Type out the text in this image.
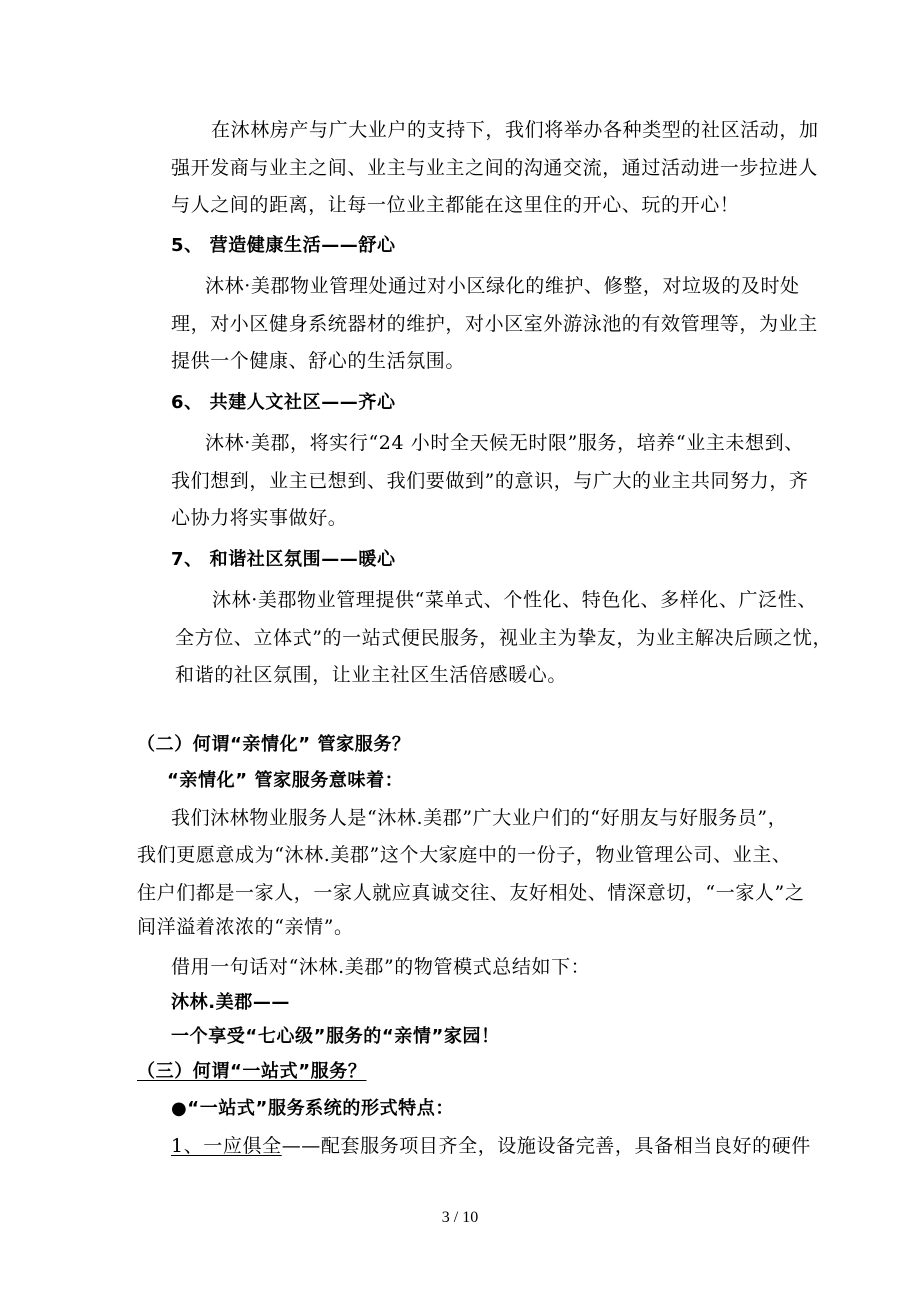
在沐林房产与广大业户的支持下，我们将举办各种类型的社区活动，加
强开发商与业主之间、业主与业主之间的沟通交流，通过活动进一步拉进人
与人之间的距离，让每一位业主都能在这里住的开心、玩的开心！
5、 营造健康生活——舒心
沐林·美郡物业管理处通过对小区绿化的维护、修整，对垃圾的及时处
理，对小区健身系统器材的维护，对小区室外游泳池的有效管理等，为业主
提供一个健康、舒心的生活氛围。
6、 共建人文社区——齐心
沐林·美郡，将实行“24 小时全天候无时限”服务，培养“业主未想到、
我们想到，业主已想到、我们要做到”的意识，与广大的业主共同努力，齐
心协力将实事做好。
7、 和谐社区氛围——暖心
沐林·美郡物业管理提供“菜单式、个性化、特色化、多样化、广泛性、
全方位、立体式”的一站式便民服务，视业主为挚友，为业主解决后顾之忧，
和谐的社区氛围，让业主社区生活倍感暖心。
（二）何谓“亲情化” 管家服务？
“亲情化” 管家服务意味着：
我们沐林物业服务人是“沐林.美郡”广大业户们的“好朋友与好服务员”，
我们更愿意成为“沐林.美郡”这个大家庭中的一份子，物业管理公司、业主、
住户们都是一家人，一家人就应真诚交往、友好相处、情深意切，“一家人”之
间洋溢着浓浓的“亲情”。
借用一句话对“沐林.美郡”的物管模式总结如下：
沐林.美郡——
一个享受“七心级”服务的“亲情”家园！
（三）何谓“一站式”服务？
●“一站式”服务系统的形式特点：
1、一应俱全——配套服务项目齐全，设施设备完善，具备相当良好的硬件
3 / 10
